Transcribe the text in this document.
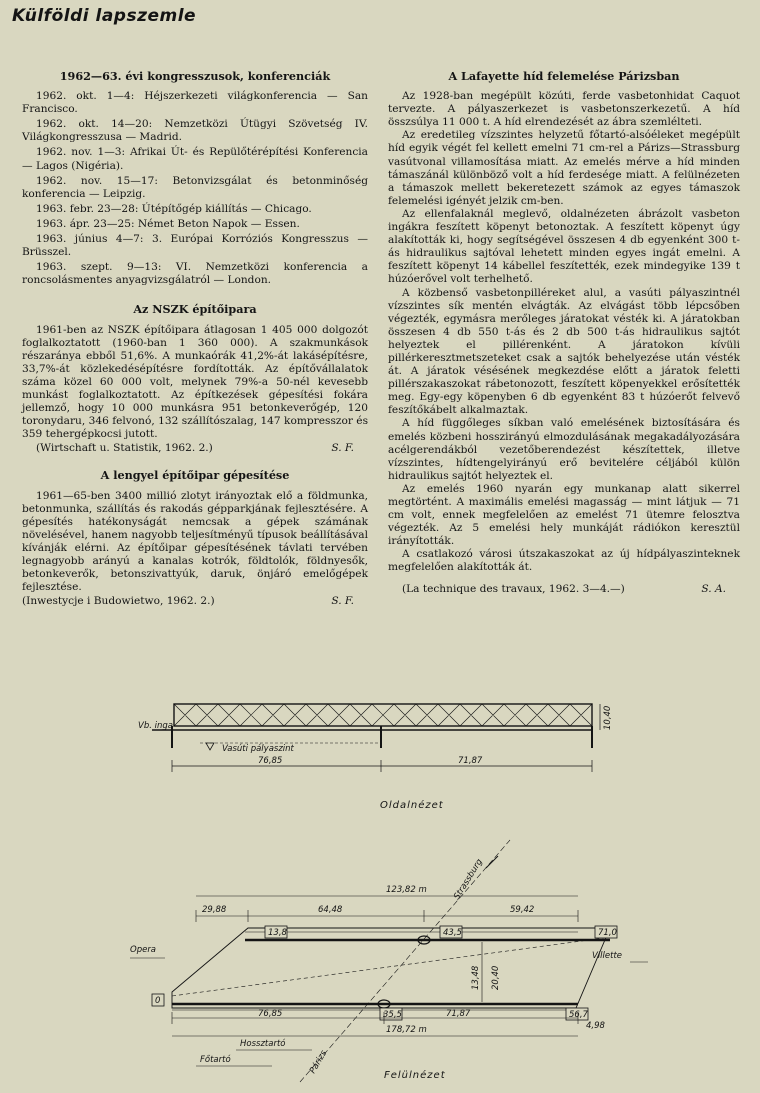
Külföldi lapszemle
1962—63. évi kongresszusok, konferenciák
1962. okt. 1—4: Héjszerkezeti világkonferencia — San Francisco.
1962. okt. 14—20: Nemzetközi Útügyi Szövetség IV. Világkongresszusa — Madrid.
1962. nov. 1—3: Afrikai Út- és Repülőtérépítési Konferencia — Lagos (Nigéria).
1962. nov. 15—17: Betonvizsgálat és betonminőség konferencia — Leipzig.
1963. febr. 23—28: Útépítőgép kiállítás — Chicago.
1963. ápr. 23—25: Német Beton Napok — Essen.
1963. június 4—7: 3. Európai Korróziós Kongresszus — Brüsszel.
1963. szept. 9—13: VI. Nemzetközi konferencia a roncsolásmentes anyagvizsgálatról — London.
Az NSZK építőipara

1961-ben az NSZK építőipara átlagosan 1 405 000 dolgozót foglalkoztatott (1960-ban 1 360 000). A szakmunkások részaránya ebből 51,6%. A munkaórák 41,2%-át lakásépítésre, 33,7%-át közlekedésépítésre fordították. Az építővállalatok száma közel 60 000 volt, melynek 79%-a 50-nél kevesebb munkást foglalkoztatott. Az építkezések gépesítési fokára jellemző, hogy 10 000 munkásra 951 betonkeverőgép, 120 toronydaru, 346 felvonó, 132 szállítószalag, 147 kompresszor és 359 tehergépkocsi jutott.

(Wirtschaft u. Statistik, 1962. 2.)	S. F.
A lengyel építőipar gépesítése

1961—65-ben 3400 millió zlotyt irányoztak elő a földmunka, betonmunka, szállítás és rakodás gépparkjának fejlesztésére. A gépesítés hatékonyságát nemcsak a gépek számának növelésével, hanem nagyobb teljesítményű típusok beállításával kívánják elérni. Az építőipar gépesítésének távlati tervében legnagyobb arányú a kanalas kotrók, földtolók, földnyesők, betonkeverők, betonszivattyúk, daruk, önjáró emelőgépek fejlesztése.

(Inwestycje i Budowietwo, 1962. 2.)	S. F.
A Lafayette híd felemelése Párizsban

Az 1928-ban megépült közúti, ferde vasbetonhidat Caquot tervezte. A pályaszerkezet is vasbetonszerkezetű. A híd összsúlya 11 000 t. A híd elrendezését az ábra szemlélteti.

Az eredetileg vízszintes helyzetű főtartó-alsóéleket megépült híd egyik végét fel kellett emelni 71 cm-rel a Párizs—Strassburg vasútvonal villamosítása miatt. Az emelés mérve a híd minden támaszánál különböző volt a híd ferdesége miatt. A felülnézeten a támaszok mellett bekeretezett számok az egyes támaszok felemelési igényét jelzik cm-ben.

Az ellenfalaknál meglevő, oldalnézeten ábrázolt vasbeton ingákra feszített köpenyt betonoztak. A feszített köpenyt úgy alakították ki, hogy segítségével összesen 4 db egyenként 300 t-ás hidraulikus sajtóval lehetett minden egyes ingát emelni. A feszített köpenyt 14 kábellel feszítették, ezek mindegyike 139 t húzóerővel volt terhelhető.

A közbenső vasbetonpilléreket alul, a vasúti pályaszintnél vízszintes sík mentén elvágták. Az elvágást több lépcsőben végezték, egymásra merőleges járatokat vésték ki. A járatokban összesen 4 db 550 t-ás és 2 db 500 t-ás hidraulikus sajtót helyeztek el pillérenként. A járatokon kívüli pillérkeresztmetszeteket csak a sajtók behelyezése után vésték át. A járatok vésésének megkezdése előtt a járatok feletti pillérszakaszokat rábetonozott, feszített köpenyekkel erősítették meg. Egy-egy köpenyben 6 db egyenként 83 t húzóerőt felvevő feszítőkábelt alkalmaztak.

A híd függőleges síkban való emelésének biztosítására és emelés közbeni hosszirányú elmozdulásának megakadályozására acélgerendákból vezetőberendezést készítettek, illetve vízszintes, hídtengelyirányú erő bevitelére céljából külön hidraulikus sajtót helyeztek el.

Az emelés 1960 nyarán egy munkanap alatt sikerrel megtörtént. A maximális emelési magasság — mint látjuk — 71 cm volt, ennek megfelelően az emelést 71 ütemre felosztva végezték. Az 5 emelési hely munkáját rádiókon keresztül irányították.

A csatlakozó városi útszakaszokat az új hídpályaszinteknek megfelelően alakították át.

(La technique des travaux, 1962. 3—4.—)	S. A.
Vb. inga
Vasúti pályaszint
76,85	71,87
10,40
Oldalnézet
Strassburg
Párizs
123,82 m
29,88	64,48	59,42
13,8	43,5	71,0
35,5	56,7
0
13,48 20,40
4,98
Opera
Villette
76,85	71,87
178,72 m
Hossztartó
Főtartó
Felülnézet
